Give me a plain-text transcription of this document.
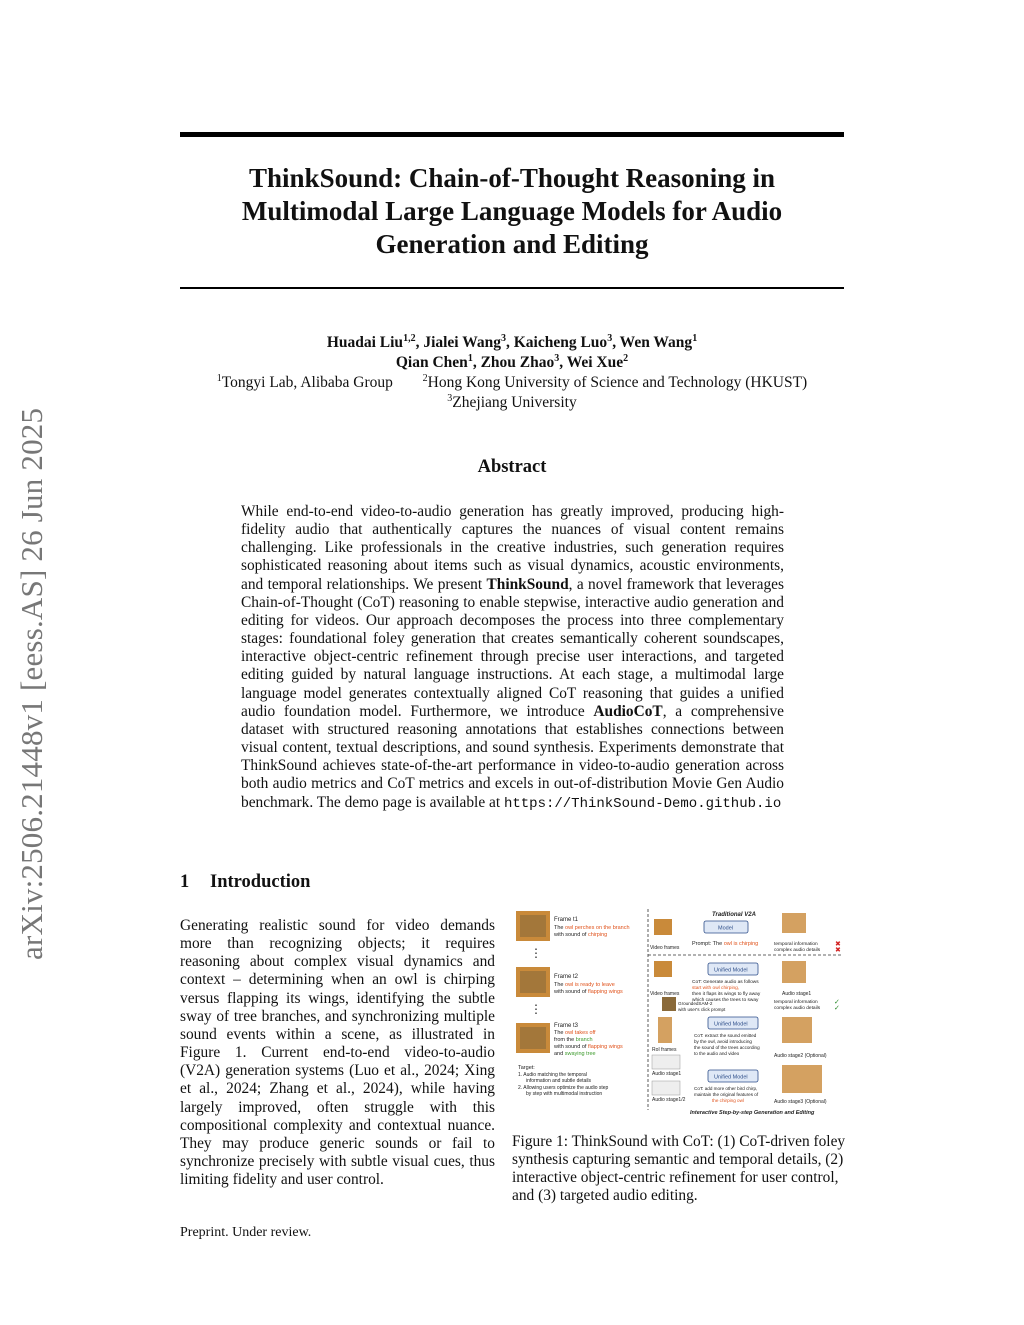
arXiv:2506.21448v1 [eess.AS] 26 Jun 2025
ThinkSound: Chain-of-Thought Reasoning in
Multimodal Large Language Models for Audio
Generation and Editing
Huadai Liu$^{1,2}$, Jialei Wang$^3$, Kaicheng Luo$^3$, Wen Wang$^1$
Qian Chen$^1$, Zhou Zhao$^3$, Wei Xue$^2$
$^1$Tongyi Lab, Alibaba Group	$^2$Hong Kong University of Science and Technology (HKUST)
$^3$Zhejiang University
Abstract
While end-to-end video-to-audio generation has greatly improved, producing high-fidelity audio that authentically captures the nuances of visual content remains challenging. Like professionals in the creative industries, such generation requires sophisticated reasoning about items such as visual dynamics, acoustic environments, and temporal relationships. We present ThinkSound, a novel framework that leverages Chain-of-Thought (CoT) reasoning to enable stepwise, interactive audio generation and editing for videos. Our approach decomposes the process into three complementary stages: foundational foley generation that creates semantically coherent soundscapes, interactive object-centric refinement through precise user interactions, and targeted editing guided by natural language instructions. At each stage, a multimodal large language model generates contextually aligned CoT reasoning that guides a unified audio foundation model. Furthermore, we introduce AudioCoT, a comprehensive dataset with structured reasoning annotations that establishes connections between visual content, textual descriptions, and sound synthesis. Experiments demonstrate that ThinkSound achieves state-of-the-art performance in video-to-audio generation across both audio metrics and CoT metrics and excels in out-of-distribution Movie Gen Audio benchmark. The demo page is available at https://ThinkSound-Demo.github.io
1 Introduction
Generating realistic sound for video demands more than recognizing objects; it requires reasoning about complex visual dynamics and context – determining when an owl is chirping versus flapping its wings, identifying the subtle sway of tree branches, and synchronizing multiple sound events within a scene, as illustrated in Figure 1. Current end-to-end video-to-audio (V2A) generation systems (Luo et al., 2024; Xing et al., 2024; Zhang et al., 2024), while having largely improved, often struggle with this compositional complexity and contextual nuance. They may produce generic sounds or fail to synchronize precisely with subtle visual cues, thus limiting fidelity and user control.
Frame t1
The owl perches on the branch
with sound of chirping
⋮
Frame t2
The owl is ready to leave
with sound of flapping wings
⋮
Frame t3
The owl takes off
from the branch
with sound of flapping wings
and swaying tree
Target:
1. Audio matching the temporal
information and subtle details
2. Allowing users optimize the audio step
by step with multimodal instruction
Traditional V2A
Model
Video frames
Prompt: The owl is chirping	temporal information
complex audio details
✖
✖
Video frames
Unified Model
CoT: Generate audio as follows
start with owl chirping,
then it flaps its wings to fly away
which causes the trees to sway
Audio stage1
temporal information
complex audio details
✓
✓
GroundedSAM-2
with user's click prompt
RoI frames
Unified Model
CoT: extract the sound emitted
by the owl, avoid introducing
the sound of the trees according
to the audio and video	Audio stage2 (Optional)
Audio stage1
Unified Model
Audio stage1/2
CoT: add more other bird chirp,
maintain the original features of
the chirping owl	Audio stage3 (Optional)
Interactive Step-by-step Generation and Editing
Figure 1: ThinkSound with CoT: (1) CoT-driven foley synthesis capturing semantic and temporal details, (2) interactive object-centric refinement for user control, and (3) targeted audio editing.
Preprint. Under review.
